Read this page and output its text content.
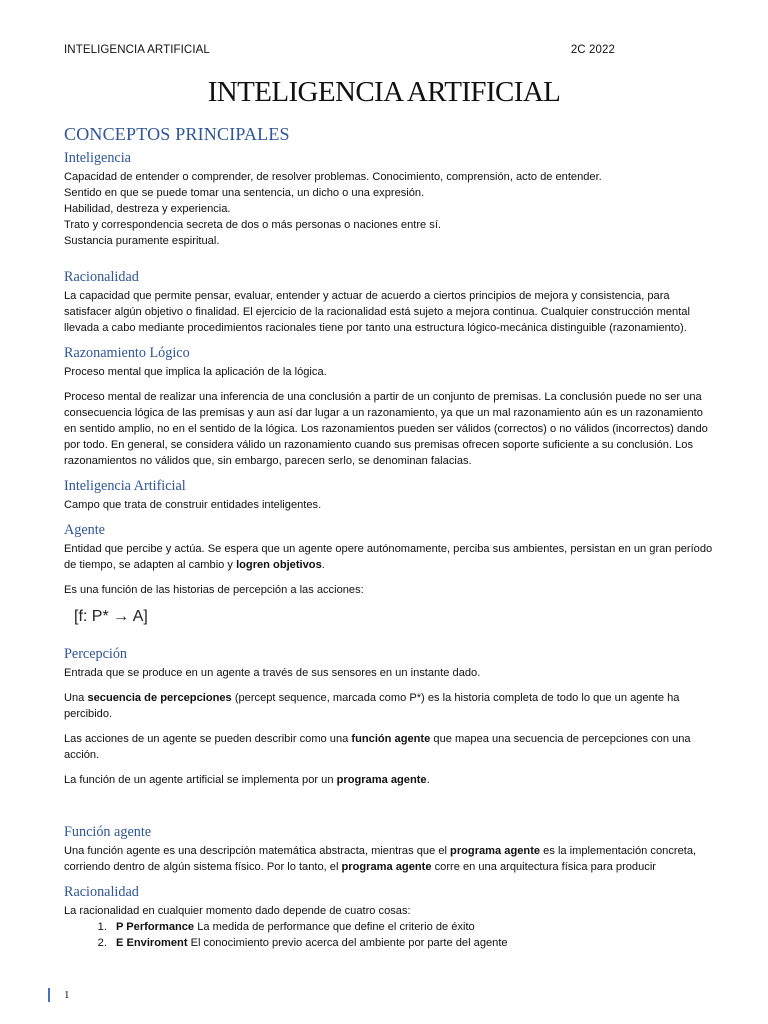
INTELIGENCIA ARTIFICIAL	2C 2022
INTELIGENCIA ARTIFICIAL
CONCEPTOS PRINCIPALES
Inteligencia
Capacidad de entender o comprender, de resolver problemas. Conocimiento, comprensión, acto de entender.
Sentido en que se puede tomar una sentencia, un dicho o una expresión.
Habilidad, destreza y experiencia.
Trato y correspondencia secreta de dos o más personas o naciones entre sí.
Sustancia puramente espiritual.
Racionalidad
La capacidad que permite pensar, evaluar, entender y actuar de acuerdo a ciertos principios de mejora y consistencia, para satisfacer algún objetivo o finalidad. El ejercicio de la racionalidad está sujeto a mejora continua. Cualquier construcción mental llevada a cabo mediante procedimientos racionales tiene por tanto una estructura lógico-mecánica distinguible (razonamiento).
Razonamiento Lógico
Proceso mental que implica la aplicación de la lógica.
Proceso mental de realizar una inferencia de una conclusión a partir de un conjunto de premisas. La conclusión puede no ser una consecuencia lógica de las premisas y aun así dar lugar a un razonamiento, ya que un mal razonamiento aún es un razonamiento en sentido amplio, no en el sentido de la lógica. Los razonamientos pueden ser válidos (correctos) o no válidos (incorrectos) dando por todo. En general, se considera válido un razonamiento cuando sus premisas ofrecen soporte suficiente a su conclusión. Los razonamientos no válidos que, sin embargo, parecen serlo, se denominan falacias.
Inteligencia Artificial
Campo que trata de construir entidades inteligentes.
Agente
Entidad que percibe y actúa. Se espera que un agente opere autónomamente, perciba sus ambientes, persistan en un gran período de tiempo, se adapten al cambio y logren objetivos.
Es una función de las historias de percepción a las acciones:
[f: P* → A]
Percepción
Entrada que se produce en un agente a través de sus sensores en un instante dado.
Una secuencia de percepciones (percept sequence, marcada como P*) es la historia completa de todo lo que un agente ha percibido.
Las acciones de un agente se pueden describir como una función agente que mapea una secuencia de percepciones con una acción.
La función de un agente artificial se implementa por un programa agente.
Función agente
Una función agente es una descripción matemática abstracta, mientras que el programa agente es la implementación concreta, corriendo dentro de algún sistema físico. Por lo tanto, el programa agente corre en una arquitectura física para producir
Racionalidad
La racionalidad en cualquier momento dado depende de cuatro cosas:
1. P Performance La medida de performance que define el criterio de éxito
2. E Enviroment El conocimiento previo acerca del ambiente por parte del agente
1
